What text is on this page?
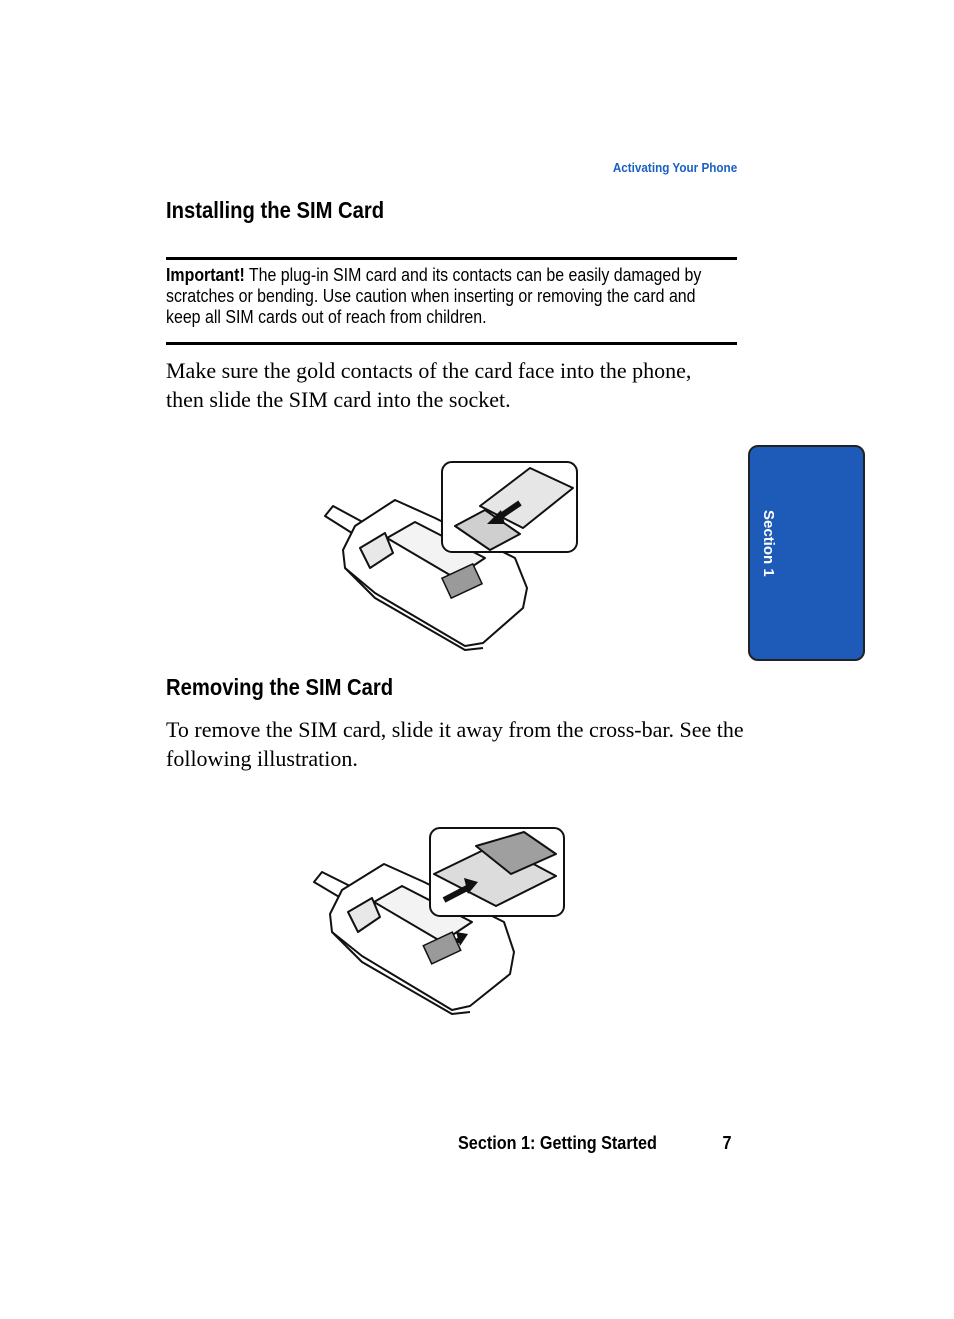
Activating Your Phone
Installing the SIM Card
Important! The plug-in SIM card and its contacts can be easily damaged by scratches or bending. Use caution when inserting or removing the card and keep all SIM cards out of reach from children.
Make sure the gold contacts of the card face into the phone, then slide the SIM card into the socket.
Removing the SIM Card
To remove the SIM card, slide it away from the cross-bar. See the following illustration.
Section 1
Section 1: Getting Started	7
